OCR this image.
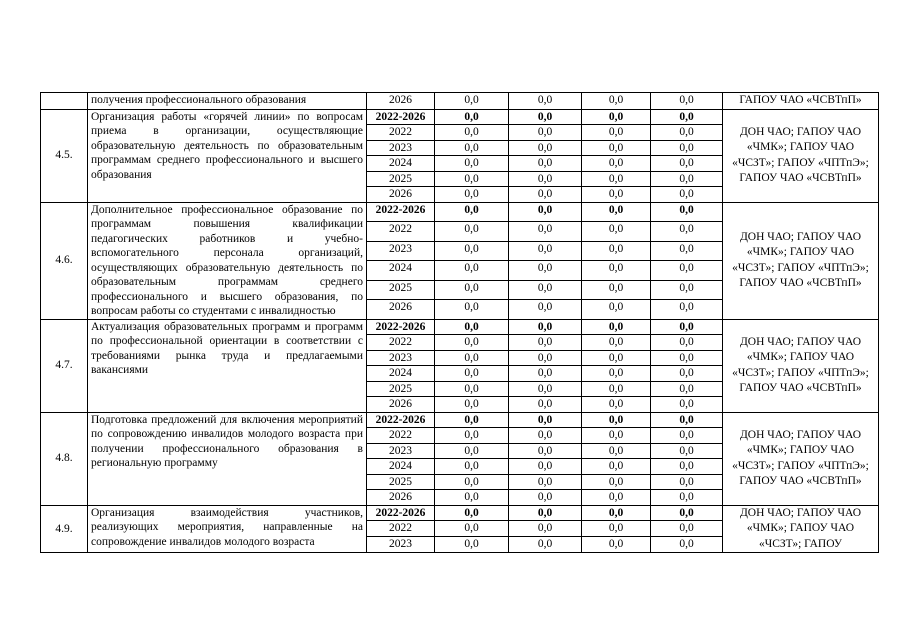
	получения профессионального образования	2026	0,0	0,0	0,0	0,0	ГАПОУ ЧАО «ЧСВТпП»
4.5.	Организация работы «горячей линии» по вопросам приема в организации, осуществляющие образовательную деятельность по образовательным программам среднего профессионального и высшего образования	2022-2026	0,0	0,0	0,0	0,0	ДОН ЧАО; ГАПОУ ЧАО «ЧМК»; ГАПОУ ЧАО «ЧСЗТ»; ГАПОУ «ЧПТпЭ»; ГАПОУ ЧАО «ЧСВТпП»
		2022	0,0	0,0	0,0	0,0	
		2023	0,0	0,0	0,0	0,0	
		2024	0,0	0,0	0,0	0,0	
		2025	0,0	0,0	0,0	0,0	
		2026	0,0	0,0	0,0	0,0	
4.6.	Дополнительное профессиональное образование по программам повышения квалификации педагогических работников и учебно-вспомогательного персонала организаций, осуществляющих образовательную деятельность по образовательным программам среднего профессионального и высшего образования, по вопросам работы со студентами с инвалидностью	2022-2026	0,0	0,0	0,0	0,0	ДОН ЧАО; ГАПОУ ЧАО «ЧМК»; ГАПОУ ЧАО «ЧСЗТ»; ГАПОУ «ЧПТпЭ»; ГАПОУ ЧАО «ЧСВТпП»
		2022	0,0	0,0	0,0	0,0	
		2023	0,0	0,0	0,0	0,0	
		2024	0,0	0,0	0,0	0,0	
		2025	0,0	0,0	0,0	0,0	
		2026	0,0	0,0	0,0	0,0	
4.7.	Актуализация образовательных программ и программ по профессиональной ориентации в соответствии с требованиями рынка труда и предлагаемыми вакансиями	2022-2026	0,0	0,0	0,0	0,0	ДОН ЧАО; ГАПОУ ЧАО «ЧМК»; ГАПОУ ЧАО «ЧСЗТ»; ГАПОУ «ЧПТпЭ»; ГАПОУ ЧАО «ЧСВТпП»
		2022	0,0	0,0	0,0	0,0	
		2023	0,0	0,0	0,0	0,0	
		2024	0,0	0,0	0,0	0,0	
		2025	0,0	0,0	0,0	0,0	
		2026	0,0	0,0	0,0	0,0	
4.8.	Подготовка предложений для включения мероприятий по сопровождению инвалидов молодого возраста при получении профессионального образования в региональную программу	2022-2026	0,0	0,0	0,0	0,0	ДОН ЧАО; ГАПОУ ЧАО «ЧМК»; ГАПОУ ЧАО «ЧСЗТ»; ГАПОУ «ЧПТпЭ»; ГАПОУ ЧАО «ЧСВТпП»
		2022	0,0	0,0	0,0	0,0	
		2023	0,0	0,0	0,0	0,0	
		2024	0,0	0,0	0,0	0,0	
		2025	0,0	0,0	0,0	0,0	
		2026	0,0	0,0	0,0	0,0	
4.9.	Организация взаимодействия участников, реализующих мероприятия, направленные на сопровождение инвалидов молодого возраста	2022-2026	0,0	0,0	0,0	0,0	ДОН ЧАО; ГАПОУ ЧАО «ЧМК»; ГАПОУ ЧАО «ЧСЗТ»; ГАПОУ
		2022	0,0	0,0	0,0	0,0	
		2023	0,0	0,0	0,0	0,0	
